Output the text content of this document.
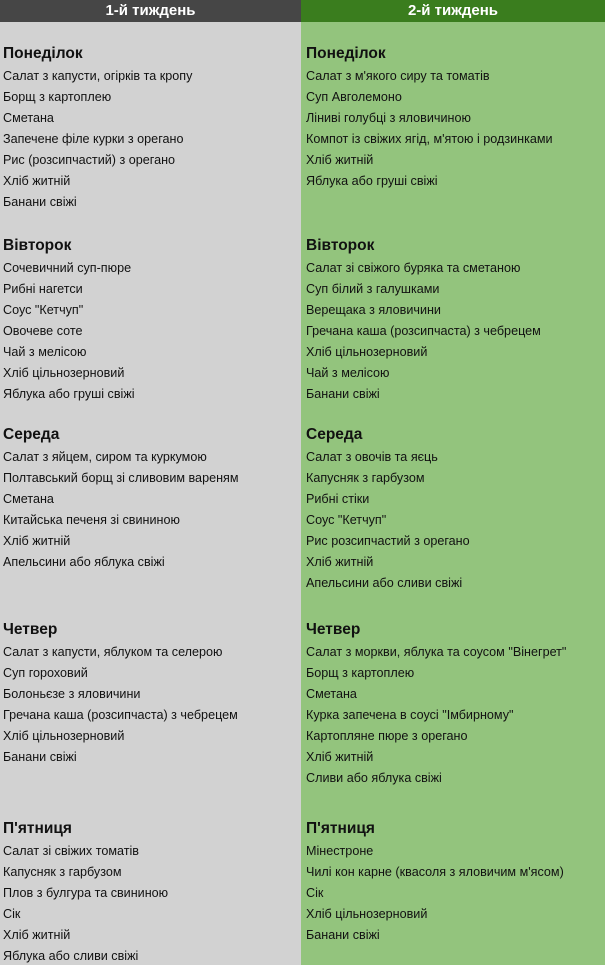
1-й тиждень
Понеділок
Салат з капусти, огірків та кропу
Борщ з картоплею
Сметана
Запечене філе курки з орегано
Рис (розсипчастий) з орегано
Хліб житній
Банани свіжі
Вівторок
Сочевичний суп-пюре
Рибні нагетси
Соус "Кетчуп"
Овочеве соте
Чай з мелісою
Хліб цільнозерновий
Яблука або груші свіжі
Середа
Салат з яйцем, сиром та куркумою
Полтавський борщ зі сливовим вареням
Сметана
Китайська печеня зі свининою
Хліб житній
Апельсини або яблука свіжі
Четвер
Салат з капусти, яблуком та селерою
Суп гороховий
Болоньєзе з яловичини
Гречана каша (розсипчаста) з чебрецем
Хліб цільнозерновий
Банани свіжі
П'ятниця
Салат зі свіжих томатів
Капусняк з гарбузом
Плов з булгура та свининою
Сік
Хліб житній
Яблука або сливи свіжі
2-й тиждень
Понеділок
Салат з м'якого сиру та томатів
Суп Авголемоно
Ліниві голубці з яловичиною
Компот із свіжих ягід, м'ятою і родзинками
Хліб житній
Яблука або груші свіжі
Вівторок
Салат зі свіжого буряка та сметаною
Суп білий з галушками
Верещака з яловичини
Гречана каша (розсипчаста) з чебрецем
Хліб цільнозерновий
Чай з мелісою
Банани свіжі
Середа
Салат з овочів та яєць
Капусняк з гарбузом
Рибні стіки
Соус "Кетчуп"
Рис розсипчастий з орегано
Хліб житній
Апельсини або сливи свіжі
Четвер
Салат з моркви, яблука та соусом "Вінегрет"
Борщ з картоплею
Сметана
Курка запечена в соусі "Імбирному"
Картопляне пюре з орегано
Хліб житній
Сливи або яблука свіжі
П'ятниця
Мінестроне
Чилі кон карне (квасоля з яловичим м'ясом)
Сік
Хліб цільнозерновий
Банани свіжі
